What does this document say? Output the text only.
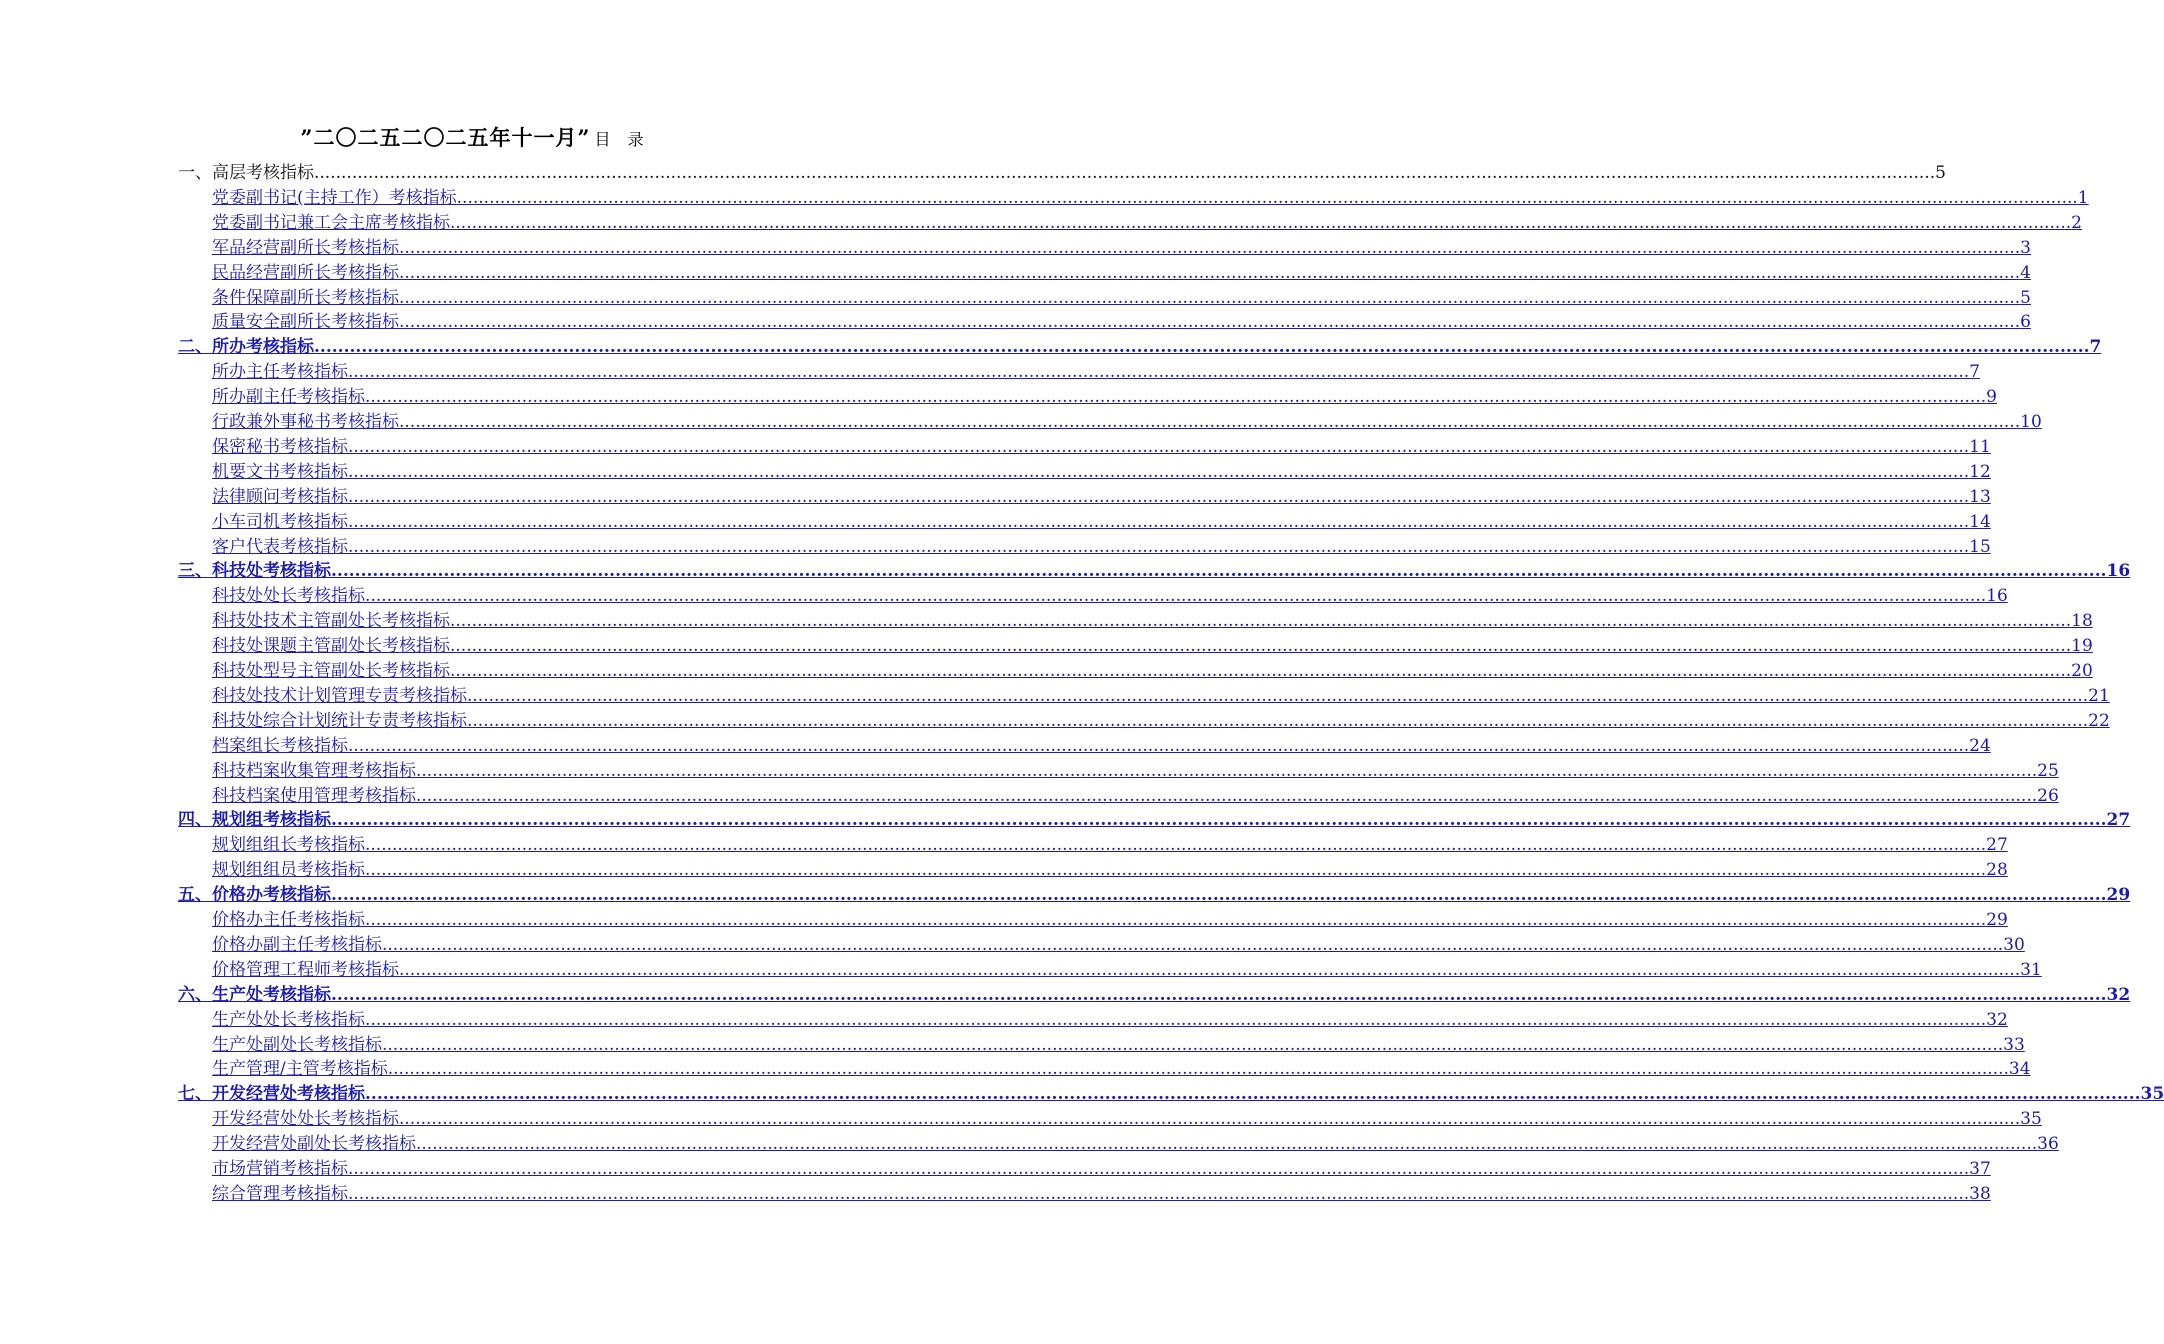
”二〇二五二〇二五年十一月” 目 录
一、高层考核指标 ............................................................................................................................................................................................................................................................................................................ 5
党委副书记(主持工作）考核指标 ............................................................................................................................................................................................................................................................................................................ 1
党委副书记兼工会主席考核指标 ............................................................................................................................................................................................................................................................................................................ 2
军品经营副所长考核指标 ............................................................................................................................................................................................................................................................................................................ 3
民品经营副所长考核指标 ............................................................................................................................................................................................................................................................................................................ 4
条件保障副所长考核指标 ............................................................................................................................................................................................................................................................................................................ 5
质量安全副所长考核指标 ............................................................................................................................................................................................................................................................................................................ 6
二、所办考核指标 ............................................................................................................................................................................................................................................................................................................ 7
所办主任考核指标 ............................................................................................................................................................................................................................................................................................................ 7
所办副主任考核指标 ............................................................................................................................................................................................................................................................................................................ 9
行政兼外事秘书考核指标 ............................................................................................................................................................................................................................................................................................................ 10
保密秘书考核指标 ............................................................................................................................................................................................................................................................................................................ 11
机要文书考核指标 ............................................................................................................................................................................................................................................................................................................ 12
法律顾问考核指标 ............................................................................................................................................................................................................................................................................................................ 13
小车司机考核指标 ............................................................................................................................................................................................................................................................................................................ 14
客户代表考核指标 ............................................................................................................................................................................................................................................................................................................ 15
三、科技处考核指标 ............................................................................................................................................................................................................................................................................................................ 16
科技处处长考核指标 ............................................................................................................................................................................................................................................................................................................ 16
科技处技术主管副处长考核指标 ............................................................................................................................................................................................................................................................................................................ 18
科技处课题主管副处长考核指标 ............................................................................................................................................................................................................................................................................................................ 19
科技处型号主管副处长考核指标 ............................................................................................................................................................................................................................................................................................................ 20
科技处技术计划管理专责考核指标 ............................................................................................................................................................................................................................................................................................................ 21
科技处综合计划统计专责考核指标 ............................................................................................................................................................................................................................................................................................................ 22
档案组长考核指标 ............................................................................................................................................................................................................................................................................................................ 24
科技档案收集管理考核指标 ............................................................................................................................................................................................................................................................................................................ 25
科技档案使用管理考核指标 ............................................................................................................................................................................................................................................................................................................ 26
四、规划组考核指标 ............................................................................................................................................................................................................................................................................................................ 27
规划组组长考核指标 ............................................................................................................................................................................................................................................................................................................ 27
规划组组员考核指标 ............................................................................................................................................................................................................................................................................................................ 28
五、价格办考核指标 ............................................................................................................................................................................................................................................................................................................ 29
价格办主任考核指标 ............................................................................................................................................................................................................................................................................................................ 29
价格办副主任考核指标 ............................................................................................................................................................................................................................................................................................................ 30
价格管理工程师考核指标 ............................................................................................................................................................................................................................................................................................................ 31
六、生产处考核指标 ............................................................................................................................................................................................................................................................................................................ 32
生产处处长考核指标 ............................................................................................................................................................................................................................................................................................................ 32
生产处副处长考核指标 ............................................................................................................................................................................................................................................................................................................ 33
生产管理/主管考核指标 ............................................................................................................................................................................................................................................................................................................ 34
七、开发经营处考核指标 ............................................................................................................................................................................................................................................................................................................ 35
开发经营处处长考核指标 ............................................................................................................................................................................................................................................................................................................ 35
开发经营处副处长考核指标 ............................................................................................................................................................................................................................................................................................................ 36
市场营销考核指标 ............................................................................................................................................................................................................................................................................................................ 37
综合管理考核指标 ............................................................................................................................................................................................................................................................................................................ 38
